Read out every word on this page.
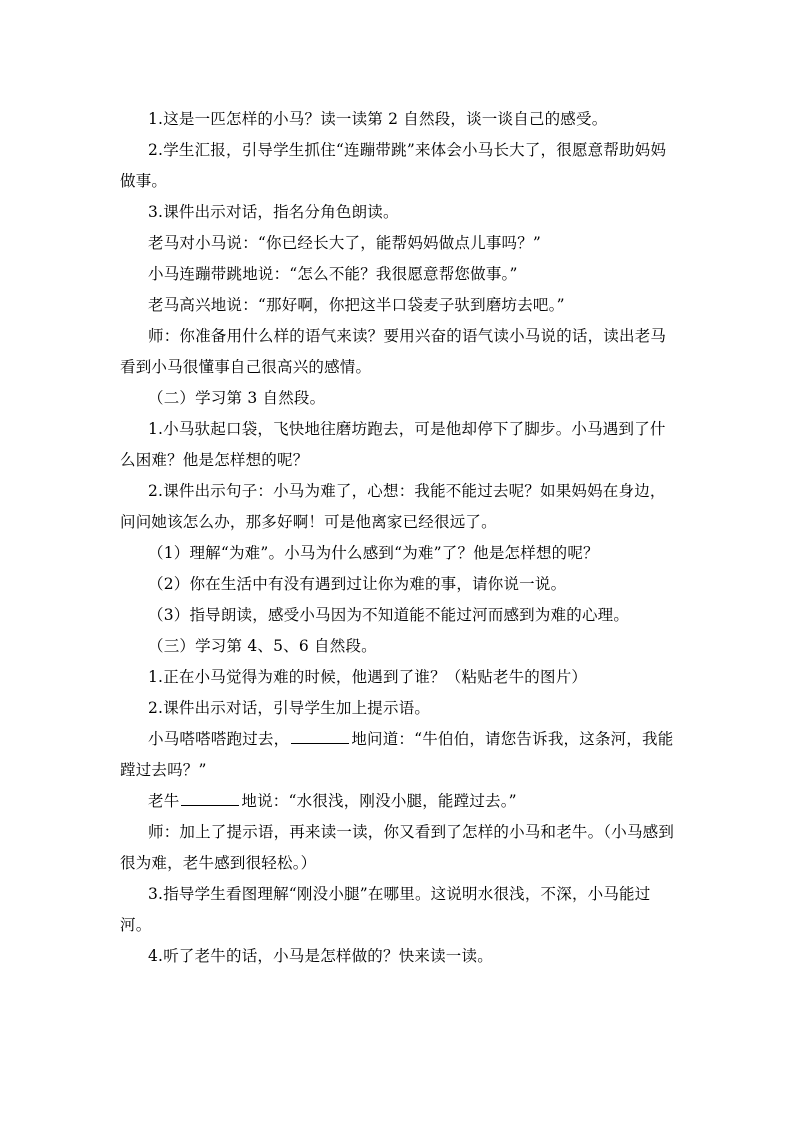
1.这是一匹怎样的小马？读一读第 2 自然段，谈一谈自己的感受。

2.学生汇报，引导学生抓住“连蹦带跳”来体会小马长大了，很愿意帮助妈妈做事。

3.课件出示对话，指名分角色朗读。

老马对小马说：“你已经长大了，能帮妈妈做点儿事吗？”

小马连蹦带跳地说：“怎么不能？我很愿意帮您做事。”

老马高兴地说：“那好啊，你把这半口袋麦子驮到磨坊去吧。”

师：你准备用什么样的语气来读？要用兴奋的语气读小马说的话，读出老马看到小马很懂事自己很高兴的感情。

（二）学习第 3 自然段。

1.小马驮起口袋，飞快地往磨坊跑去，可是他却停下了脚步。小马遇到了什么困难？他是怎样想的呢？

2.课件出示句子：小马为难了，心想：我能不能过去呢？如果妈妈在身边，问问她该怎么办，那多好啊！可是他离家已经很远了。

（1）理解“为难”。小马为什么感到“为难”了？他是怎样想的呢？

（2）你在生活中有没有遇到过让你为难的事，请你说一说。

（3）指导朗读，感受小马因为不知道能不能过河而感到为难的心理。

（三）学习第 4、5、6 自然段。

1.正在小马觉得为难的时候，他遇到了谁？（粘贴老牛的图片）

2.课件出示对话，引导学生加上提示语。

小马嗒嗒嗒跑过去，	地问道：“牛伯伯，请您告诉我，这条河，我能蹚过去吗？”

老牛	地说：“水很浅，刚没小腿，能蹚过去。”

师：加上了提示语，再来读一读，你又看到了怎样的小马和老牛。（小马感到很为难，老牛感到很轻松。）

3.指导学生看图理解“刚没小腿”在哪里。这说明水很浅，不深，小马能过河。

4.听了老牛的话，小马是怎样做的？快来读一读。
